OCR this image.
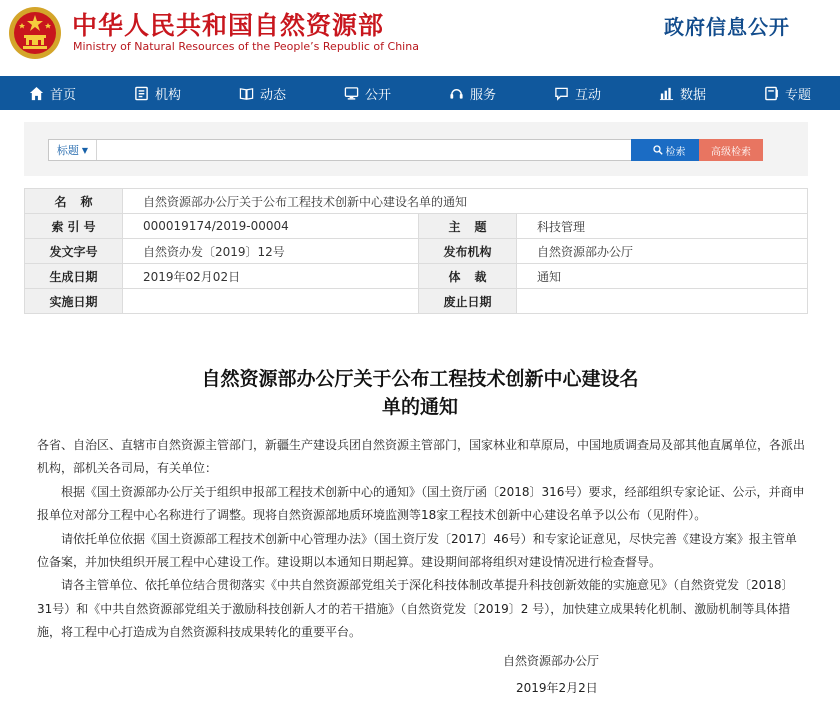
中华人民共和国自然资源部
Ministry of Natural Resources of the People’s Republic of China
政府信息公开
首页	机构	动态	公开	服务	互动	数据	专题
标题 ▼	检索	高级检索
名称	自然资源部办公厅关于公布工程技术创新中心建设名单的通知		
索引号	000019174/2019-00004	主题	科技管理
发文字号	自然资办发〔2019〕12号	发布机构	自然资源部办公厅
生成日期	2019年02月02日	体裁	通知
实施日期		废止日期	
自然资源部办公厅关于公布工程技术创新中心建设名
单的通知

各省、自治区、直辖市自然资源主管部门，新疆生产建设兵团自然资源主管部门，国家林业和草原局，中国地质调查局及部其他直属单位，各派出机构，部机关各司局，有关单位：

根据《国土资源部办公厅关于组织申报部工程技术创新中心的通知》（国土资厅函〔2018〕316号）要求，经部组织专家论证、公示，并商申报单位对部分工程中心名称进行了调整。现将自然资源部地质环境监测等18家工程技术创新中心建设名单予以公布（见附件）。

请依托单位依据《国土资源部工程技术创新中心管理办法》（国土资厅发〔2017〕46号）和专家论证意见，尽快完善《建设方案》报主管单位备案，并加快组织开展工程中心建设工作。建设期以本通知日期起算。建设期间部将组织对建设情况进行检查督导。

请各主管单位、依托单位结合贯彻落实《中共自然资源部党组关于深化科技体制改革提升科技创新效能的实施意见》（自然资党发〔2018〕31号）和《中共自然资源部党组关于激励科技创新人才的若干措施》（自然资党发〔2019〕2 号），加快建立成果转化机制、激励机制等具体措施，将工程中心打造成为自然资源科技成果转化的重要平台。

自然资源部办公厅
2019年2月2日
